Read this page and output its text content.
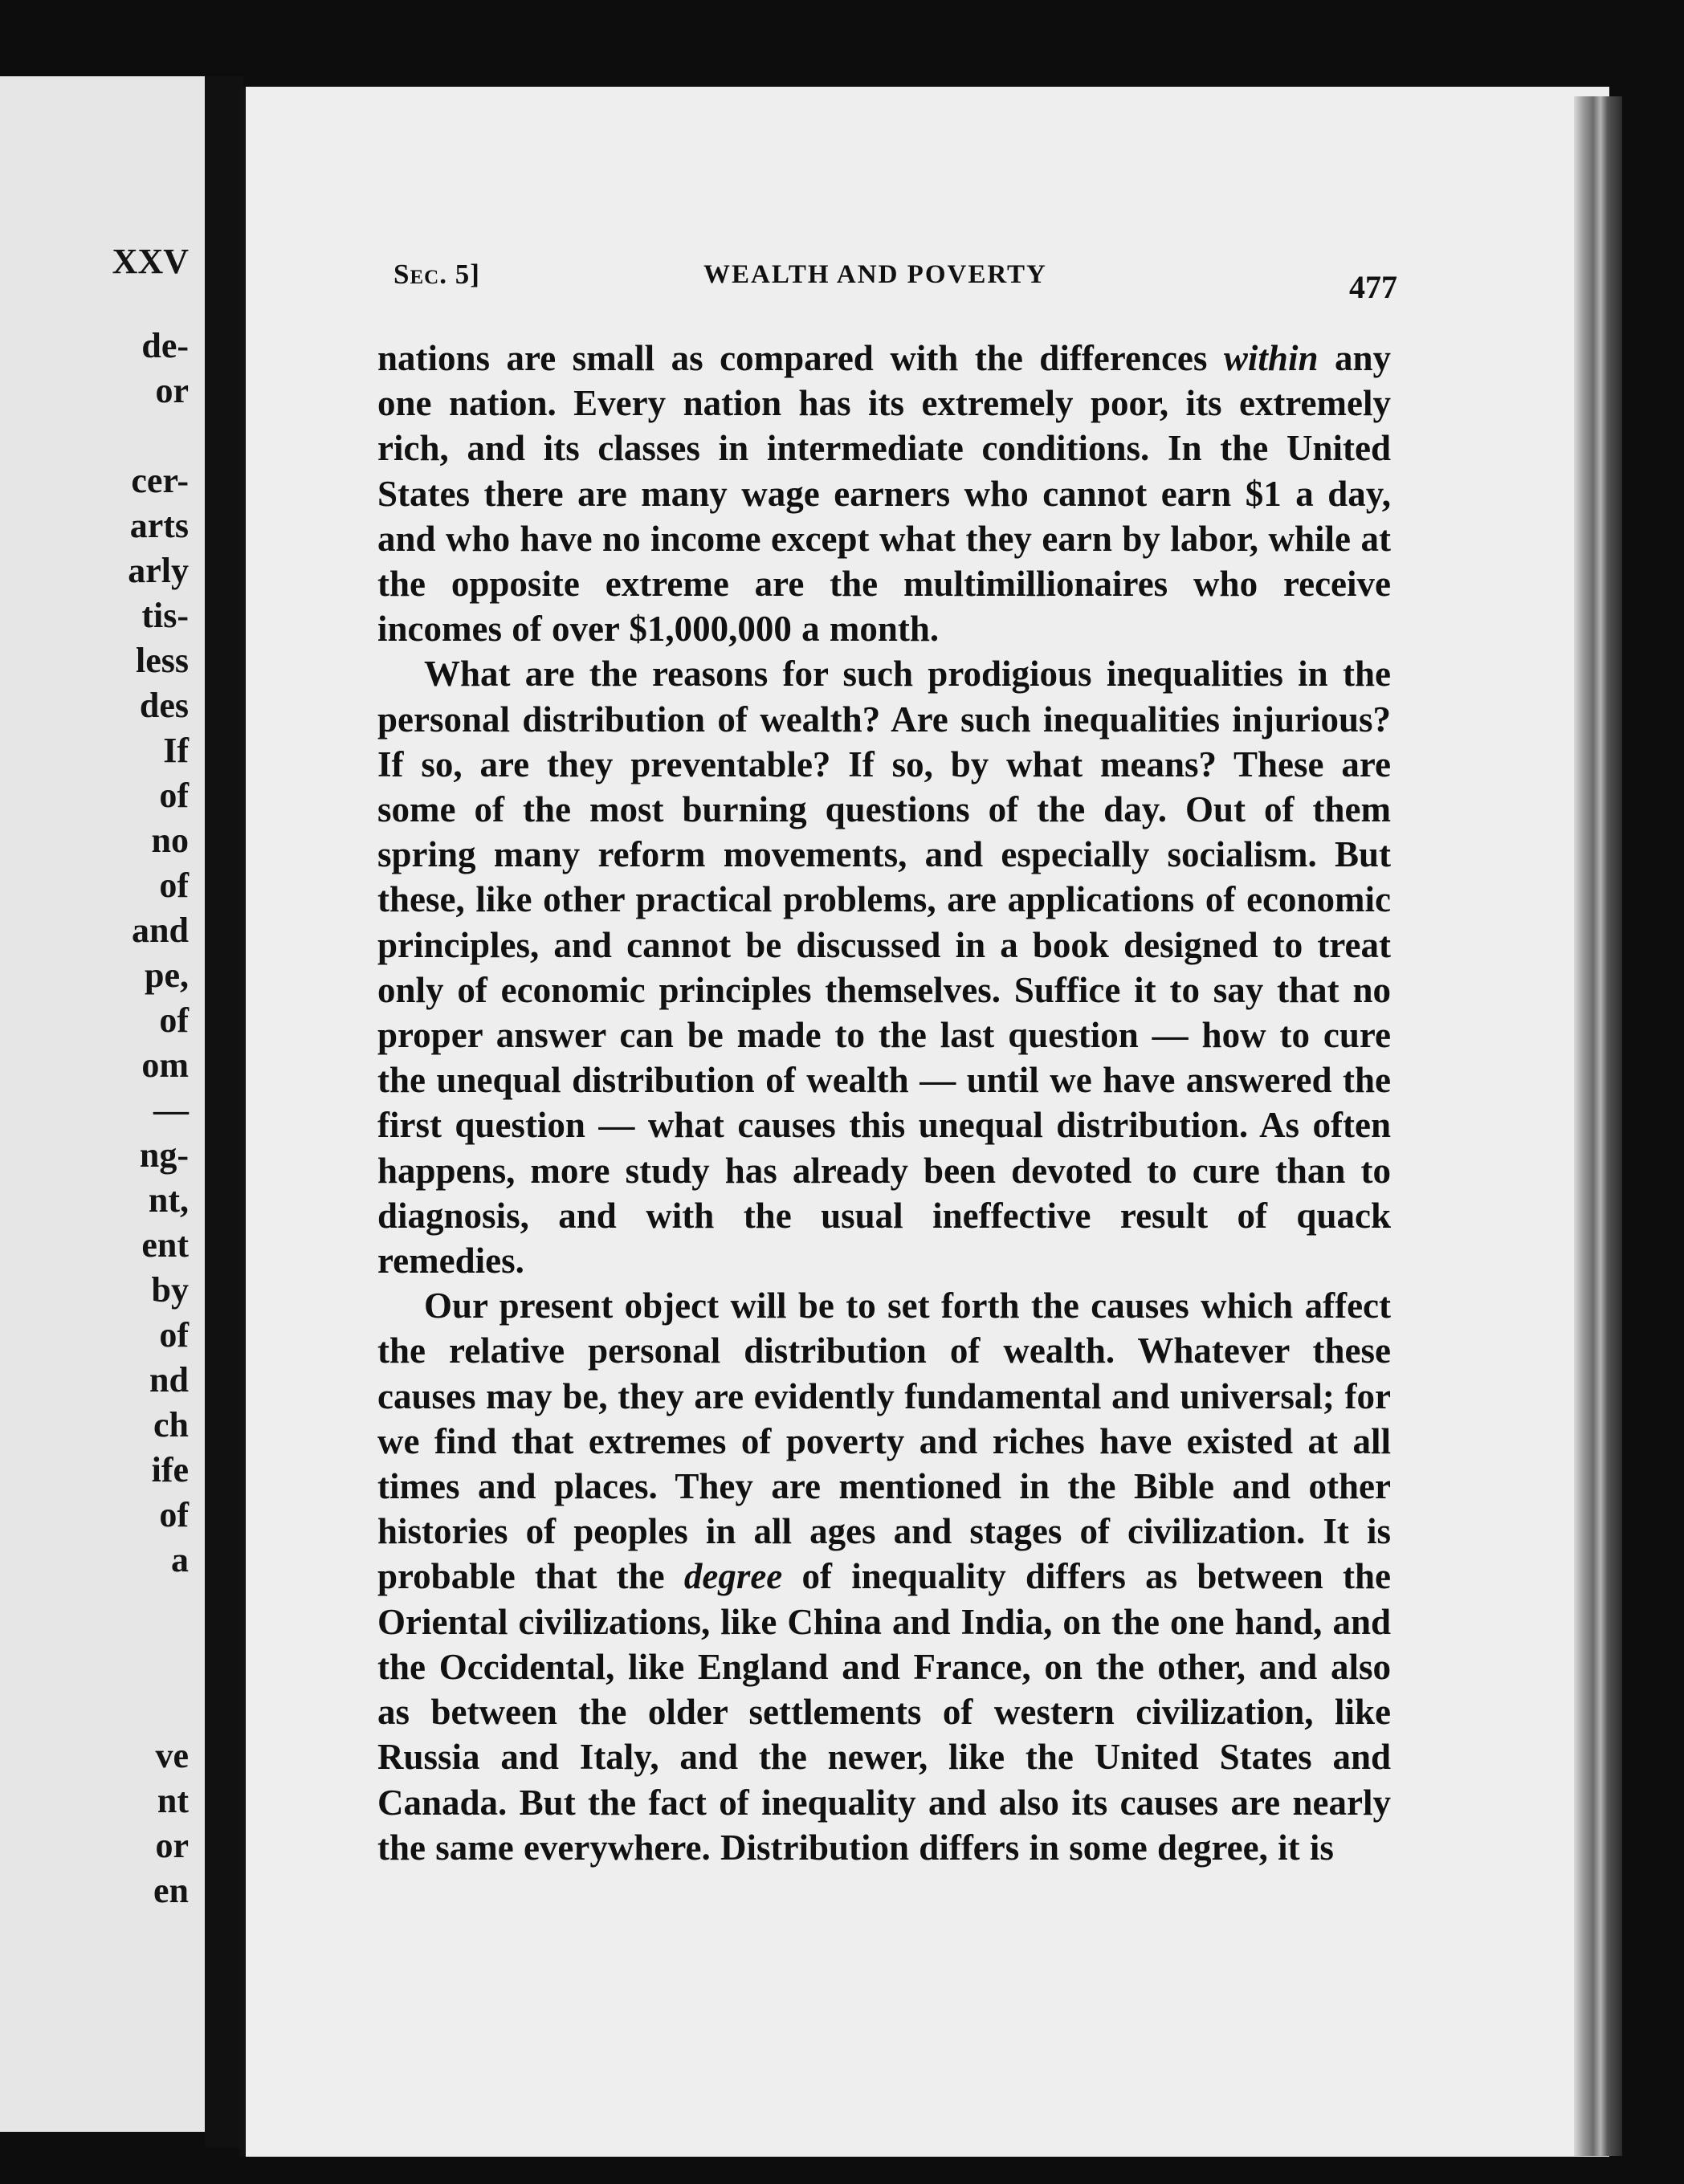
XXV
de-
or
cer-
arts
arly
tis-
less
des
If
of
no
of
and
pe,
of
om
—
ng-
nt,
ent
by
of
nd
ch
ife
of
a
ve
nt
or
en
Sec. 5]	WEALTH AND POVERTY	477

nations are small as compared with the differences within any one nation. Every nation has its extremely poor, its extremely rich, and its classes in intermediate conditions. In the United States there are many wage earners who cannot earn $1 a day, and who have no income except what they earn by labor, while at the opposite extreme are the multimillionaires who receive incomes of over $1,000,000 a month.

What are the reasons for such prodigious inequalities in the personal distribution of wealth? Are such inequalities injurious? If so, are they preventable? If so, by what means? These are some of the most burning questions of the day. Out of them spring many reform movements, and especially socialism. But these, like other practical problems, are applications of economic principles, and cannot be discussed in a book designed to treat only of economic principles themselves. Suffice it to say that no proper answer can be made to the last question — how to cure the unequal distribution of wealth — until we have answered the first question — what causes this unequal distribution. As often happens, more study has already been devoted to cure than to diagnosis, and with the usual ineffective result of quack remedies.

Our present object will be to set forth the causes which affect the relative personal distribution of wealth. Whatever these causes may be, they are evidently fundamental and universal; for we find that extremes of poverty and riches have existed at all times and places. They are mentioned in the Bible and other histories of peoples in all ages and stages of civilization. It is probable that the degree of inequality differs as between the Oriental civilizations, like China and India, on the one hand, and the Occidental, like England and France, on the other, and also as between the older settlements of western civilization, like Russia and Italy, and the newer, like the United States and Canada. But the fact of inequality and also its causes are nearly the same everywhere. Distribution differs in some degree, it is
